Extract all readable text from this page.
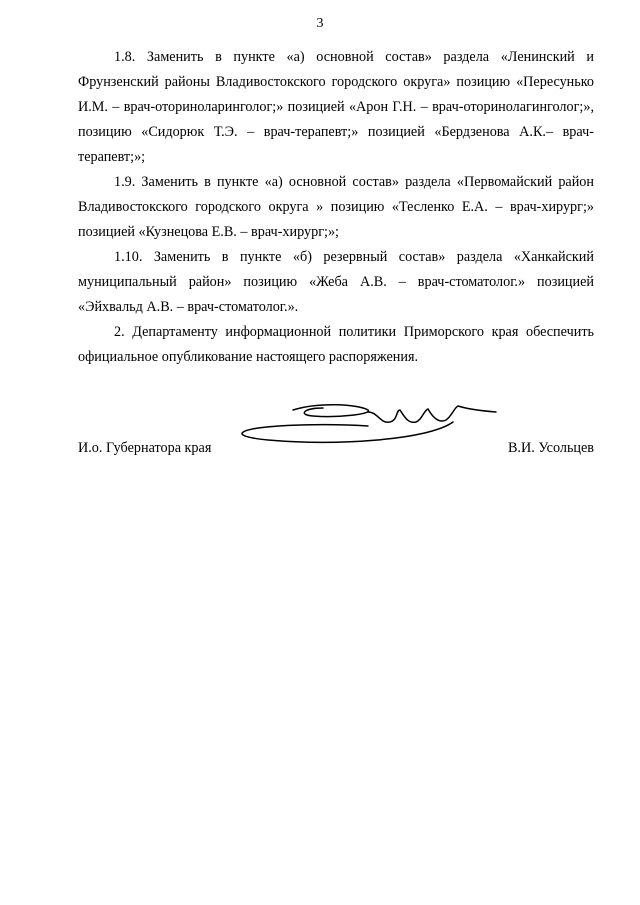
3

1.8. Заменить в пункте «а) основной состав» раздела «Ленинский и Фрунзенский районы Владивостокского городского округа» позицию «Пересунько И.М. – врач-оториноларинголог;» позицией «Арон Г.Н. – врач-оторинолагинголог;», позицию «Сидорюк Т.Э. – врач-терапевт;» позицией «Бердзенова А.К.– врач- терапевт;»;

1.9. Заменить в пункте «а) основной состав» раздела «Первомайский район Владивостокского городского округа » позицию «Тесленко Е.А. – врач-хирург;» позицией «Кузнецова Е.В. – врач-хирург;»;

1.10. Заменить в пункте «б) резервный состав» раздела «Ханкайский муниципальный район» позицию «Жеба А.В. – врач-стоматолог.» позицией «Эйхвальд А.В. – врач-стоматолог.».

2. Департаменту информационной политики Приморского края обеспечить официальное опубликование настоящего распоряжения.

И.о. Губернатора края	В.И. Усольцев
